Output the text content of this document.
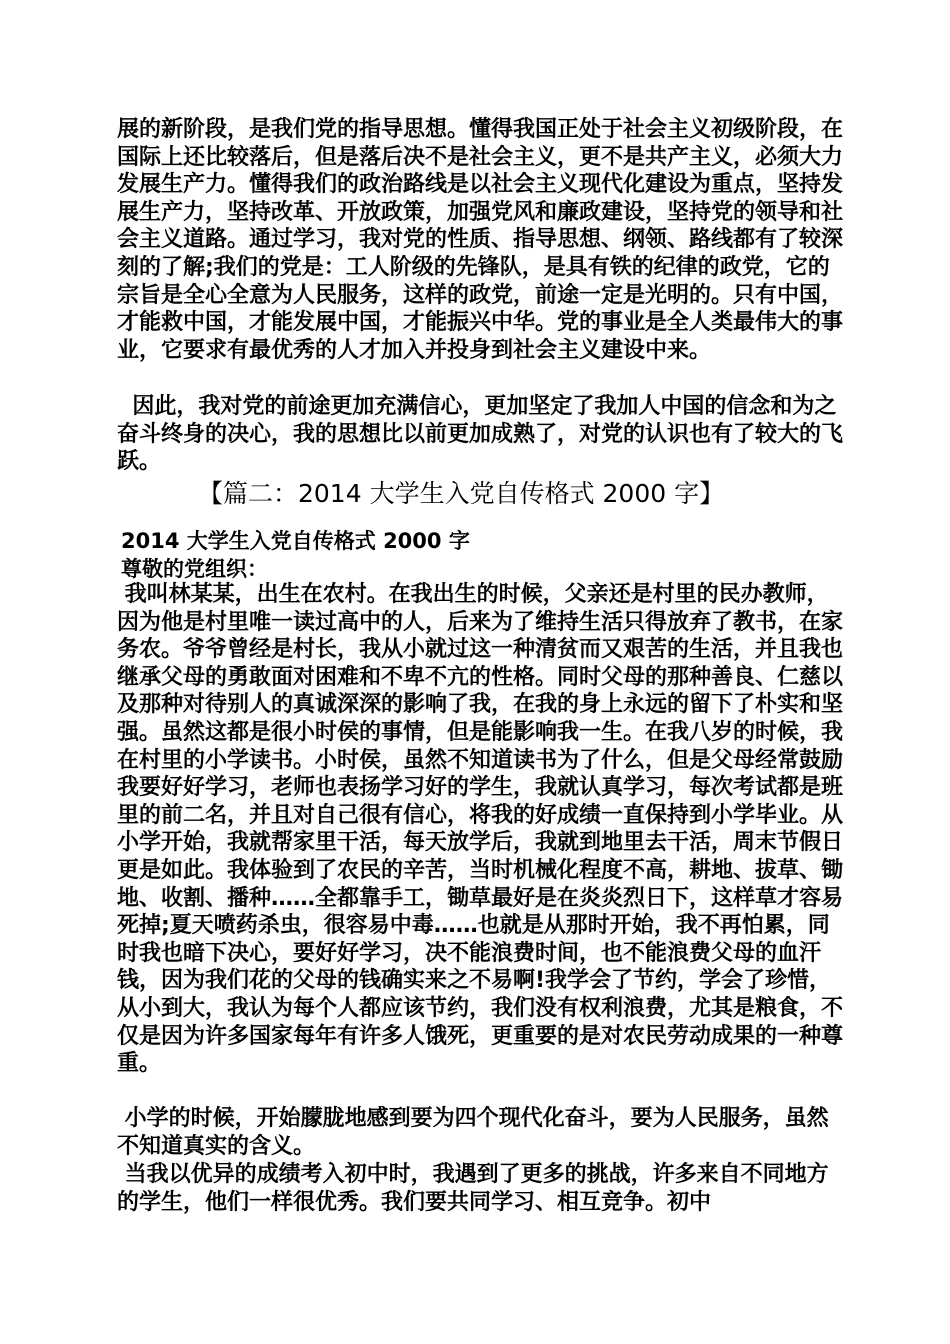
展的新阶段，是我们党的指导思想。懂得我国正处于社会主义初级阶段，在国际上还比较落后，但是落后决不是社会主义，更不是共产主义，必须大力发展生产力。懂得我们的政治路线是以社会主义现代化建设为重点，坚持发展生产力，坚持改革、开放政策，加强党风和廉政建设，坚持党的领导和社会主义道路。通过学习，我对党的性质、指导思想、纲领、路线都有了较深刻的了解;我们的党是：工人阶级的先锋队，是具有铁的纪律的政党，它的宗旨是全心全意为人民服务，这样的政党，前途一定是光明的。只有中国，才能救中国，才能发展中国，才能振兴中华。党的事业是全人类最伟大的事业，它要求有最优秀的人才加入并投身到社会主义建设中来。
因此，我对党的前途更加充满信心，更加坚定了我加人中国的信念和为之奋斗终身的决心，我的思想比以前更加成熟了，对党的认识也有了较大的飞跃。
【篇二：2014 大学生入党自传格式 2000 字】
2014 大学生入党自传格式 2000 字
尊敬的党组织：
我叫林某某，出生在农村。在我出生的时候，父亲还是村里的民办教师，因为他是村里唯一读过高中的人，后来为了维持生活只得放弃了教书，在家务农。爷爷曾经是村长，我从小就过这一种清贫而又艰苦的生活，并且我也继承父母的勇敢面对困难和不卑不亢的性格。同时父母的那种善良、仁慈以及那种对待别人的真诚深深的影响了我，在我的身上永远的留下了朴实和坚强。虽然这都是很小时侯的事情，但是能影响我一生。在我八岁的时候，我在村里的小学读书。小时侯，虽然不知道读书为了什么，但是父母经常鼓励我要好好学习，老师也表扬学习好的学生，我就认真学习，每次考试都是班里的前二名，并且对自己很有信心，将我的好成绩一直保持到小学毕业。从小学开始，我就帮家里干活，每天放学后，我就到地里去干活，周末节假日更是如此。我体验到了农民的辛苦，当时机械化程度不高，耕地、拔草、锄地、收割、播种……全都靠手工，锄草最好是在炎炎烈日下，这样草才容易死掉;夏天喷药杀虫，很容易中毒……也就是从那时开始，我不再怕累，同时我也暗下决心，要好好学习，决不能浪费时间，也不能浪费父母的血汗钱，因为我们花的父母的钱确实来之不易啊!我学会了节约，学会了珍惜，从小到大，我认为每个人都应该节约，我们没有权利浪费，尤其是粮食，不仅是因为许多国家每年有许多人饿死，更重要的是对农民劳动成果的一种尊重。
小学的时候，开始朦胧地感到要为四个现代化奋斗，要为人民服务，虽然不知道真实的含义。
当我以优异的成绩考入初中时，我遇到了更多的挑战，许多来自不同地方的学生，他们一样很优秀。我们要共同学习、相互竞争。初中
